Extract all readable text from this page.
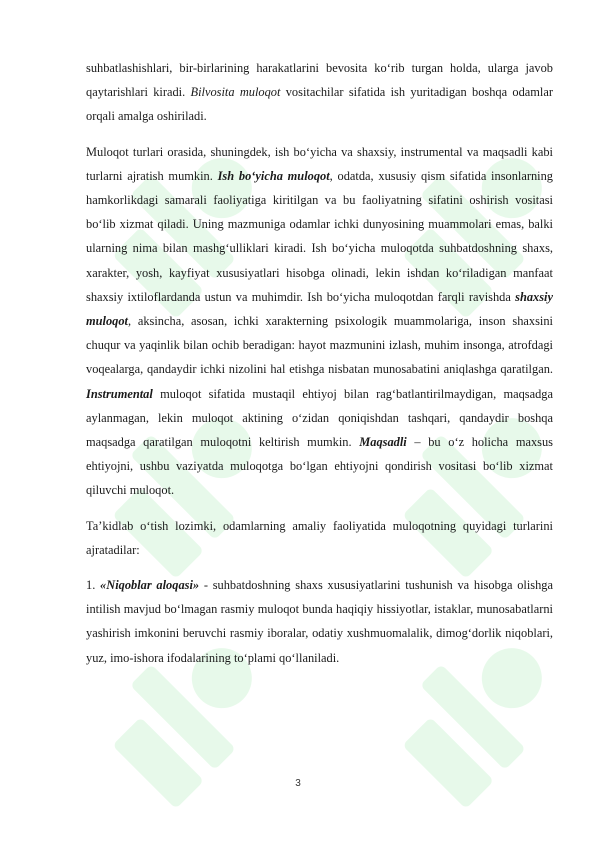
suhbatlashishlari, bir-birlarining harakatlarini bevosita ko‘rib turgan holda, ularga javob qaytarishlari kiradi. Bilvosita muloqot vositachilar sifatida ish yuritadigan boshqa odamlar orqali amalga oshiriladi.

Muloqot turlari orasida, shuningdek, ish bo‘yicha va shaxsiy, instrumental va maqsadli kabi turlarni ajratish mumkin. Ish bo‘yicha muloqot, odatda, xususiy qism sifatida insonlarning hamkorlikdagi samarali faoliyatiga kiritilgan va bu faoliyatning sifatini oshirish vositasi bo‘lib xizmat qiladi. Uning mazmuniga odamlar ichki dunyosining muammolari emas, balki ularning nima bilan mashg‘ulliklari kiradi. Ish bo‘yicha muloqotda suhbatdoshning shaxs, xarakter, yosh, kayfiyat xususiyatlari hisobga olinadi, lekin ishdan ko‘riladigan manfaat shaxsiy ixtiloflardanda ustun va muhimdir. Ish bo‘yicha muloqotdan farqli ravishda shaxsiy muloqot, aksincha, asosan, ichki xarakterning psixologik muammolariga, inson shaxsini chuqur va yaqinlik bilan ochib beradigan: hayot mazmunini izlash, muhim insonga, atrofdagi voqealarga, qandaydir ichki nizolini hal etishga nisbatan munosabatini aniqlashga qaratilgan. Instrumental muloqot sifatida mustaqil ehtiyoj bilan rag‘batlantirilmaydigan, maqsadga aylanmagan, lekin muloqot aktining o‘zidan qoniqishdan tashqari, qandaydir boshqa maqsadga qaratilgan muloqotni keltirish mumkin. Maqsadli – bu o‘z holicha maxsus ehtiyojni, ushbu vaziyatda muloqotga bo‘lgan ehtiyojni qondirish vositasi bo‘lib xizmat qiluvchi muloqot.

Ta’kidlab o‘tish lozimki, odamlarning amaliy faoliyatida muloqotning quyidagi turlarini ajratadilar:

1. «Niqoblar aloqasi» - suhbatdoshning shaxs xususiyatlarini tushunish va hisobga olishga intilish mavjud bo‘lmagan rasmiy muloqot bunda haqiqiy hissiyotlar, istaklar, munosabatlarni yashirish imkonini beruvchi rasmiy iboralar, odatiy xushmuomalalik, dimog‘dorlik niqoblari, yuz, imo-ishora ifodalarining to‘plami qo‘llaniladi.

3
